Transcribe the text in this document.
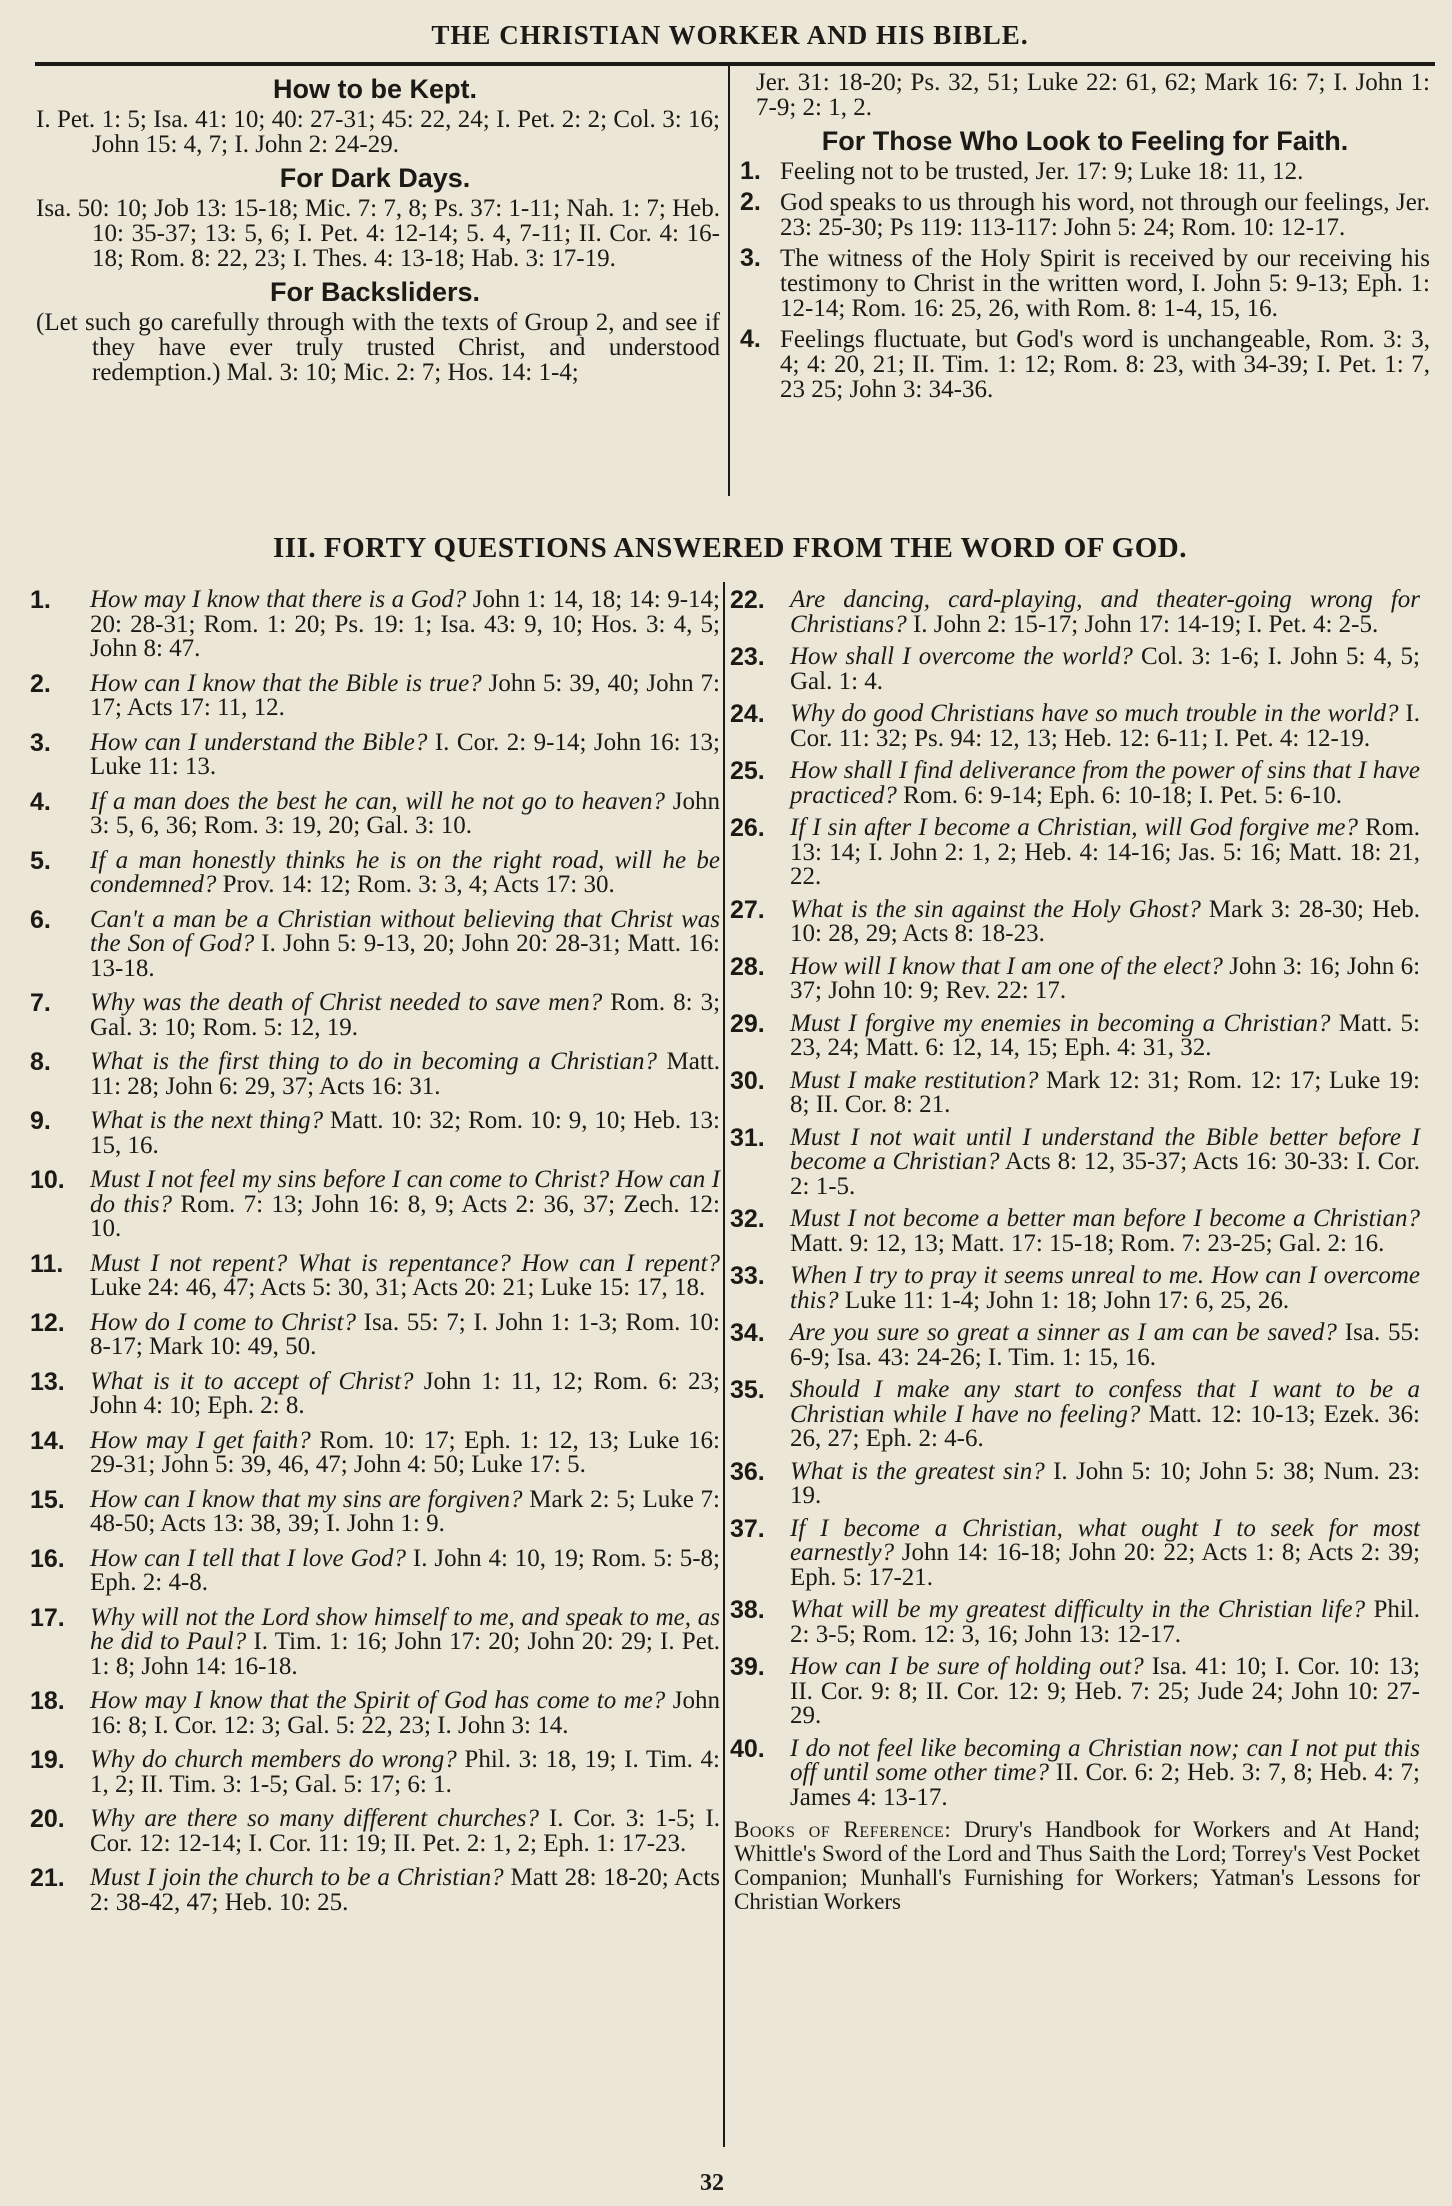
THE CHRISTIAN WORKER AND HIS BIBLE.
How to be Kept.
I. Pet. 1: 5; Isa. 41: 10; 40: 27-31; 45: 22, 24; I. Pet. 2: 2; Col. 3: 16; John 15: 4, 7; I. John 2: 24-29.
For Dark Days.
Isa. 50: 10; Job 13: 15-18; Mic. 7: 7, 8; Ps. 37: 1-11; Nah. 1: 7; Heb. 10: 35-37; 13: 5, 6; I. Pet. 4: 12-14; 5. 4, 7-11; II. Cor. 4: 16-18; Rom. 8: 22, 23; I. Thes. 4: 13-18; Hab. 3: 17-19.
For Backsliders.
(Let such go carefully through with the texts of Group 2, and see if they have ever truly trusted Christ, and understood redemption.) Mal. 3: 10; Mic. 2: 7; Hos. 14: 1-4;
Jer. 31: 18-20; Ps. 32, 51; Luke 22: 61, 62; Mark 16: 7; I. John 1: 7-9; 2: 1, 2.
For Those Who Look to Feeling for Faith.
1. Feeling not to be trusted, Jer. 17: 9; Luke 18: 11, 12.
2. God speaks to us through his word, not through our feelings, Jer. 23: 25-30; Ps 119: 113-117: John 5: 24; Rom. 10: 12-17.
3. The witness of the Holy Spirit is received by our receiving his testimony to Christ in the written word, I. John 5: 9-13; Eph. 1: 12-14; Rom. 16: 25, 26, with Rom. 8: 1-4, 15, 16.
4. Feelings fluctuate, but God's word is unchangeable, Rom. 3: 3, 4; 4: 20, 21; II. Tim. 1: 12; Rom. 8: 23, with 34-39; I. Pet. 1: 7, 23 25; John 3: 34-36.
III. FORTY QUESTIONS ANSWERED FROM THE WORD OF GOD.
1.	How may I know that there is a God? John 1: 14, 18; 14: 9-14; 20: 28-31; Rom. 1: 20; Ps. 19: 1; Isa. 43: 9, 10; Hos. 3: 4, 5; John 8: 47.
2.	How can I know that the Bible is true? John 5: 39, 40; John 7: 17; Acts 17: 11, 12.
3.	How can I understand the Bible? I. Cor. 2: 9-14; John 16: 13; Luke 11: 13.
4.	If a man does the best he can, will he not go to heaven? John 3: 5, 6, 36; Rom. 3: 19, 20; Gal. 3: 10.
5.	If a man honestly thinks he is on the right road, will he be condemned? Prov. 14: 12; Rom. 3: 3, 4; Acts 17: 30.
6.	Can't a man be a Christian without believing that Christ was the Son of God? I. John 5: 9-13, 20; John 20: 28-31; Matt. 16: 13-18.
7.	Why was the death of Christ needed to save men? Rom. 8: 3; Gal. 3: 10; Rom. 5: 12, 19.
8.	What is the first thing to do in becoming a Christian? Matt. 11: 28; John 6: 29, 37; Acts 16: 31.
9.	What is the next thing? Matt. 10: 32; Rom. 10: 9, 10; Heb. 13: 15, 16.
10.	Must I not feel my sins before I can come to Christ? How can I do this? Rom. 7: 13; John 16: 8, 9; Acts 2: 36, 37; Zech. 12: 10.
11.	Must I not repent? What is repentance? How can I repent? Luke 24: 46, 47; Acts 5: 30, 31; Acts 20: 21; Luke 15: 17, 18.
12.	How do I come to Christ? Isa. 55: 7; I. John 1: 1-3; Rom. 10: 8-17; Mark 10: 49, 50.
13.	What is it to accept of Christ? John 1: 11, 12; Rom. 6: 23; John 4: 10; Eph. 2: 8.
14.	How may I get faith? Rom. 10: 17; Eph. 1: 12, 13; Luke 16: 29-31; John 5: 39, 46, 47; John 4: 50; Luke 17: 5.
15.	How can I know that my sins are forgiven? Mark 2: 5; Luke 7: 48-50; Acts 13: 38, 39; I. John 1: 9.
16.	How can I tell that I love God? I. John 4: 10, 19; Rom. 5: 5-8; Eph. 2: 4-8.
17.	Why will not the Lord show himself to me, and speak to me, as he did to Paul? I. Tim. 1: 16; John 17: 20; John 20: 29; I. Pet. 1: 8; John 14: 16-18.
18.	How may I know that the Spirit of God has come to me? John 16: 8; I. Cor. 12: 3; Gal. 5: 22, 23; I. John 3: 14.
19.	Why do church members do wrong? Phil. 3: 18, 19; I. Tim. 4: 1, 2; II. Tim. 3: 1-5; Gal. 5: 17; 6: 1.
20.	Why are there so many different churches? I. Cor. 3: 1-5; I. Cor. 12: 12-14; I. Cor. 11: 19; II. Pet. 2: 1, 2; Eph. 1: 17-23.
21.	Must I join the church to be a Christian? Matt 28: 18-20; Acts 2: 38-42, 47; Heb. 10: 25.
22.	Are dancing, card-playing, and theater-going wrong for Christians? I. John 2: 15-17; John 17: 14-19; I. Pet. 4: 2-5.
23.	How shall I overcome the world? Col. 3: 1-6; I. John 5: 4, 5; Gal. 1: 4.
24.	Why do good Christians have so much trouble in the world? I. Cor. 11: 32; Ps. 94: 12, 13; Heb. 12: 6-11; I. Pet. 4: 12-19.
25.	How shall I find deliverance from the power of sins that I have practiced? Rom. 6: 9-14; Eph. 6: 10-18; I. Pet. 5: 6-10.
26.	If I sin after I become a Christian, will God forgive me? Rom. 13: 14; I. John 2: 1, 2; Heb. 4: 14-16; Jas. 5: 16; Matt. 18: 21, 22.
27.	What is the sin against the Holy Ghost? Mark 3: 28-30; Heb. 10: 28, 29; Acts 8: 18-23.
28.	How will I know that I am one of the elect? John 3: 16; John 6: 37; John 10: 9; Rev. 22: 17.
29.	Must I forgive my enemies in becoming a Christian? Matt. 5: 23, 24; Matt. 6: 12, 14, 15; Eph. 4: 31, 32.
30.	Must I make restitution? Mark 12: 31; Rom. 12: 17; Luke 19: 8; II. Cor. 8: 21.
31.	Must I not wait until I understand the Bible better before I become a Christian? Acts 8: 12, 35-37; Acts 16: 30-33: I. Cor. 2: 1-5.
32.	Must I not become a better man before I become a Christian? Matt. 9: 12, 13; Matt. 17: 15-18; Rom. 7: 23-25; Gal. 2: 16.
33.	When I try to pray it seems unreal to me. How can I overcome this? Luke 11: 1-4; John 1: 18; John 17: 6, 25, 26.
34.	Are you sure so great a sinner as I am can be saved? Isa. 55: 6-9; Isa. 43: 24-26; I. Tim. 1: 15, 16.
35.	Should I make any start to confess that I want to be a Christian while I have no feeling? Matt. 12: 10-13; Ezek. 36: 26, 27; Eph. 2: 4-6.
36.	What is the greatest sin? I. John 5: 10; John 5: 38; Num. 23: 19.
37.	If I become a Christian, what ought I to seek for most earnestly? John 14: 16-18; John 20: 22; Acts 1: 8; Acts 2: 39; Eph. 5: 17-21.
38.	What will be my greatest difficulty in the Christian life? Phil. 2: 3-5; Rom. 12: 3, 16; John 13: 12-17.
39.	How can I be sure of holding out? Isa. 41: 10; I. Cor. 10: 13; II. Cor. 9: 8; II. Cor. 12: 9; Heb. 7: 25; Jude 24; John 10: 27-29.
40.	I do not feel like becoming a Christian now; can I not put this off until some other time? II. Cor. 6: 2; Heb. 3: 7, 8; Heb. 4: 7; James 4: 13-17.
Books of Reference: Drury's Handbook for Workers and At Hand; Whittle's Sword of the Lord and Thus Saith the Lord; Torrey's Vest Pocket Companion; Munhall's Furnishing for Workers; Yatman's Lessons for Christian Workers
32
